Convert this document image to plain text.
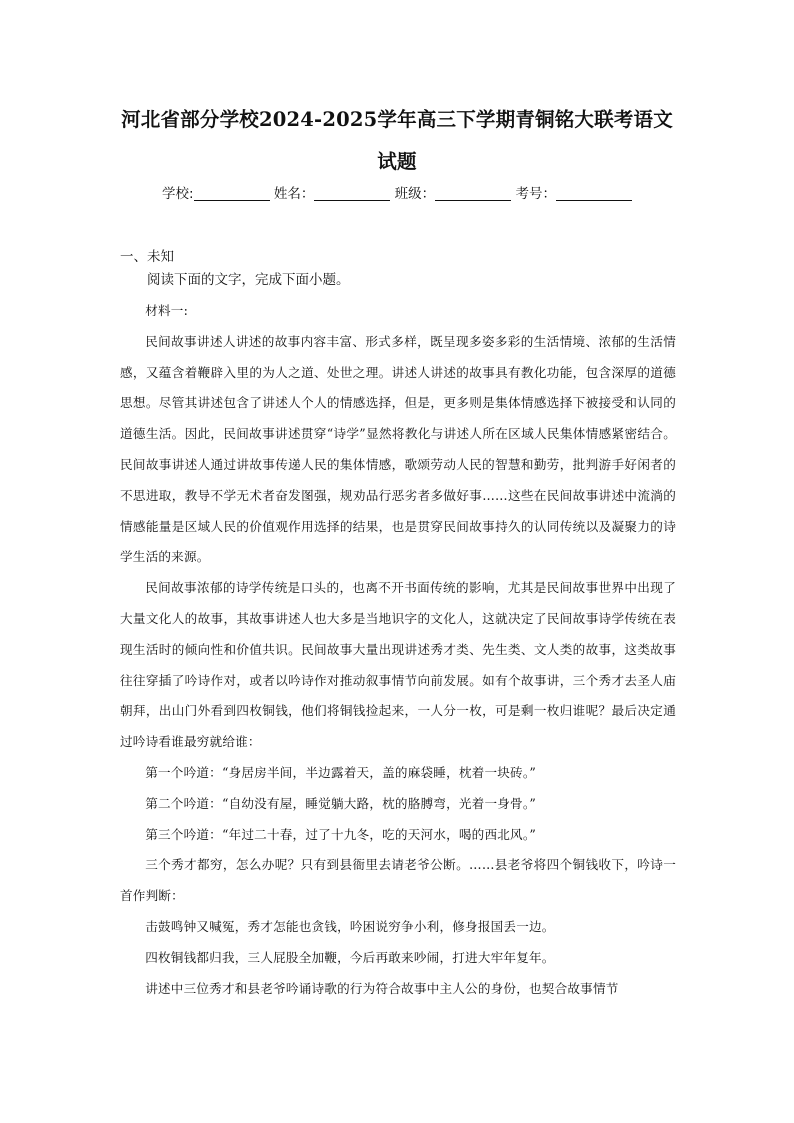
河北省部分学校2024-2025学年高三下学期青铜铭大联考语文
试题
学校:	姓名：	班级：	考号：
一、未知
阅读下面的文字，完成下面小题。

材料一:

民间故事讲述人讲述的故事内容丰富、形式多样，既呈现多姿多彩的生活情境、浓郁的生活情感，又蕴含着鞭辟入里的为人之道、处世之理。讲述人讲述的故事具有教化功能，包含深厚的道德思想。尽管其讲述包含了讲述人个人的情感选择，但是，更多则是集体情感选择下被接受和认同的道德生活。因此，民间故事讲述贯穿“诗学”显然将教化与讲述人所在区域人民集体情感紧密结合。民间故事讲述人通过讲故事传递人民的集体情感，歌颂劳动人民的智慧和勤劳，批判游手好闲者的不思进取，教导不学无术者奋发图强，规劝品行恶劣者多做好事……这些在民间故事讲述中流淌的情感能量是区域人民的价值观作用选择的结果，也是贯穿民间故事持久的认同传统以及凝聚力的诗学生活的来源。

民间故事浓郁的诗学传统是口头的，也离不开书面传统的影响，尤其是民间故事世界中出现了大量文化人的故事，其故事讲述人也大多是当地识字的文化人，这就决定了民间故事诗学传统在表现生活时的倾向性和价值共识。民间故事大量出现讲述秀才类、先生类、文人类的故事，这类故事往往穿插了吟诗作对，或者以吟诗作对推动叙事情节向前发展。如有个故事讲，三个秀才去圣人庙朝拜，出山门外看到四枚铜钱，他们将铜钱捡起来，一人分一枚，可是剩一枚归谁呢？最后决定通过吟诗看谁最穷就给谁：

第一个吟道：“身居房半间，半边露着天，盖的麻袋睡，枕着一块砖。”

第二个吟道：“自幼没有屋，睡觉躺大路，枕的胳膊弯，光着一身骨。”

第三个吟道：“年过二十春，过了十九冬，吃的天河水，喝的西北风。”

三个秀才都穷，怎么办呢？只有到县衙里去请老爷公断。……县老爷将四个铜钱收下，吟诗一首作判断：

击鼓鸣钟又喊冤，秀才怎能也贪钱，吟困说穷争小利，修身报国丢一边。

四枚铜钱都归我，三人屁股全加鞭，今后再敢来吵闹，打进大牢年复年。

讲述中三位秀才和县老爷吟诵诗歌的行为符合故事中主人公的身份，也契合故事情节
